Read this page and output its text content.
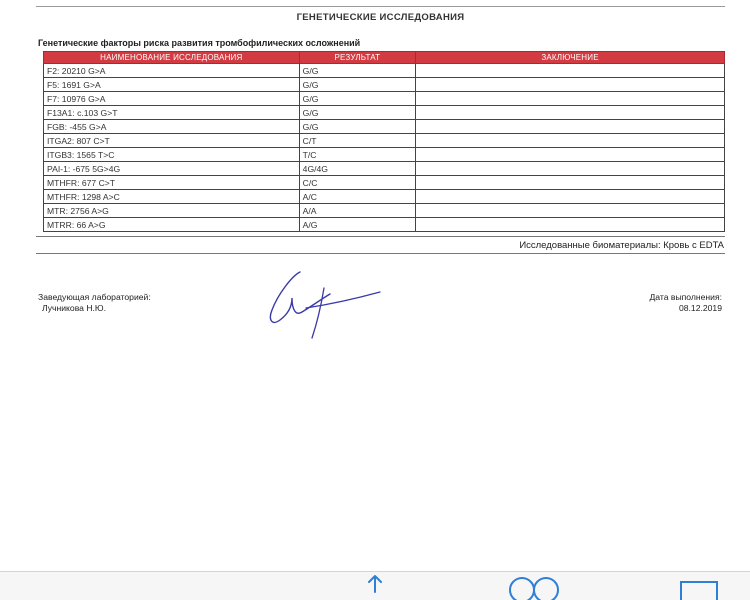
ГЕНЕТИЧЕСКИЕ ИССЛЕДОВАНИЯ
Генетические факторы риска развития тромбофилических осложнений
НАИМЕНОВАНИЕ ИССЛЕДОВАНИЯ	РЕЗУЛЬТАТ	ЗАКЛЮЧЕНИЕ
F2: 20210 G>A	G/G	
F5: 1691 G>A	G/G	
F7: 10976 G>A	G/G	
F13A1: c.103 G>T	G/G	
FGB: -455 G>A	G/G	
ITGA2: 807 C>T	C/T	
ITGB3: 1565 T>C	T/C	
PAI-1: -675 5G>4G	4G/4G	
MTHFR: 677 C>T	C/C	
MTHFR: 1298 A>C	A/C	
MTR: 2756 A>G	A/A	
MTRR: 66 A>G	A/G	
Исследованные биоматериалы: Кровь с EDTA
Заведующая лабораторией:
Лучникова Н.Ю.
Дата выполнения:
08.12.2019
